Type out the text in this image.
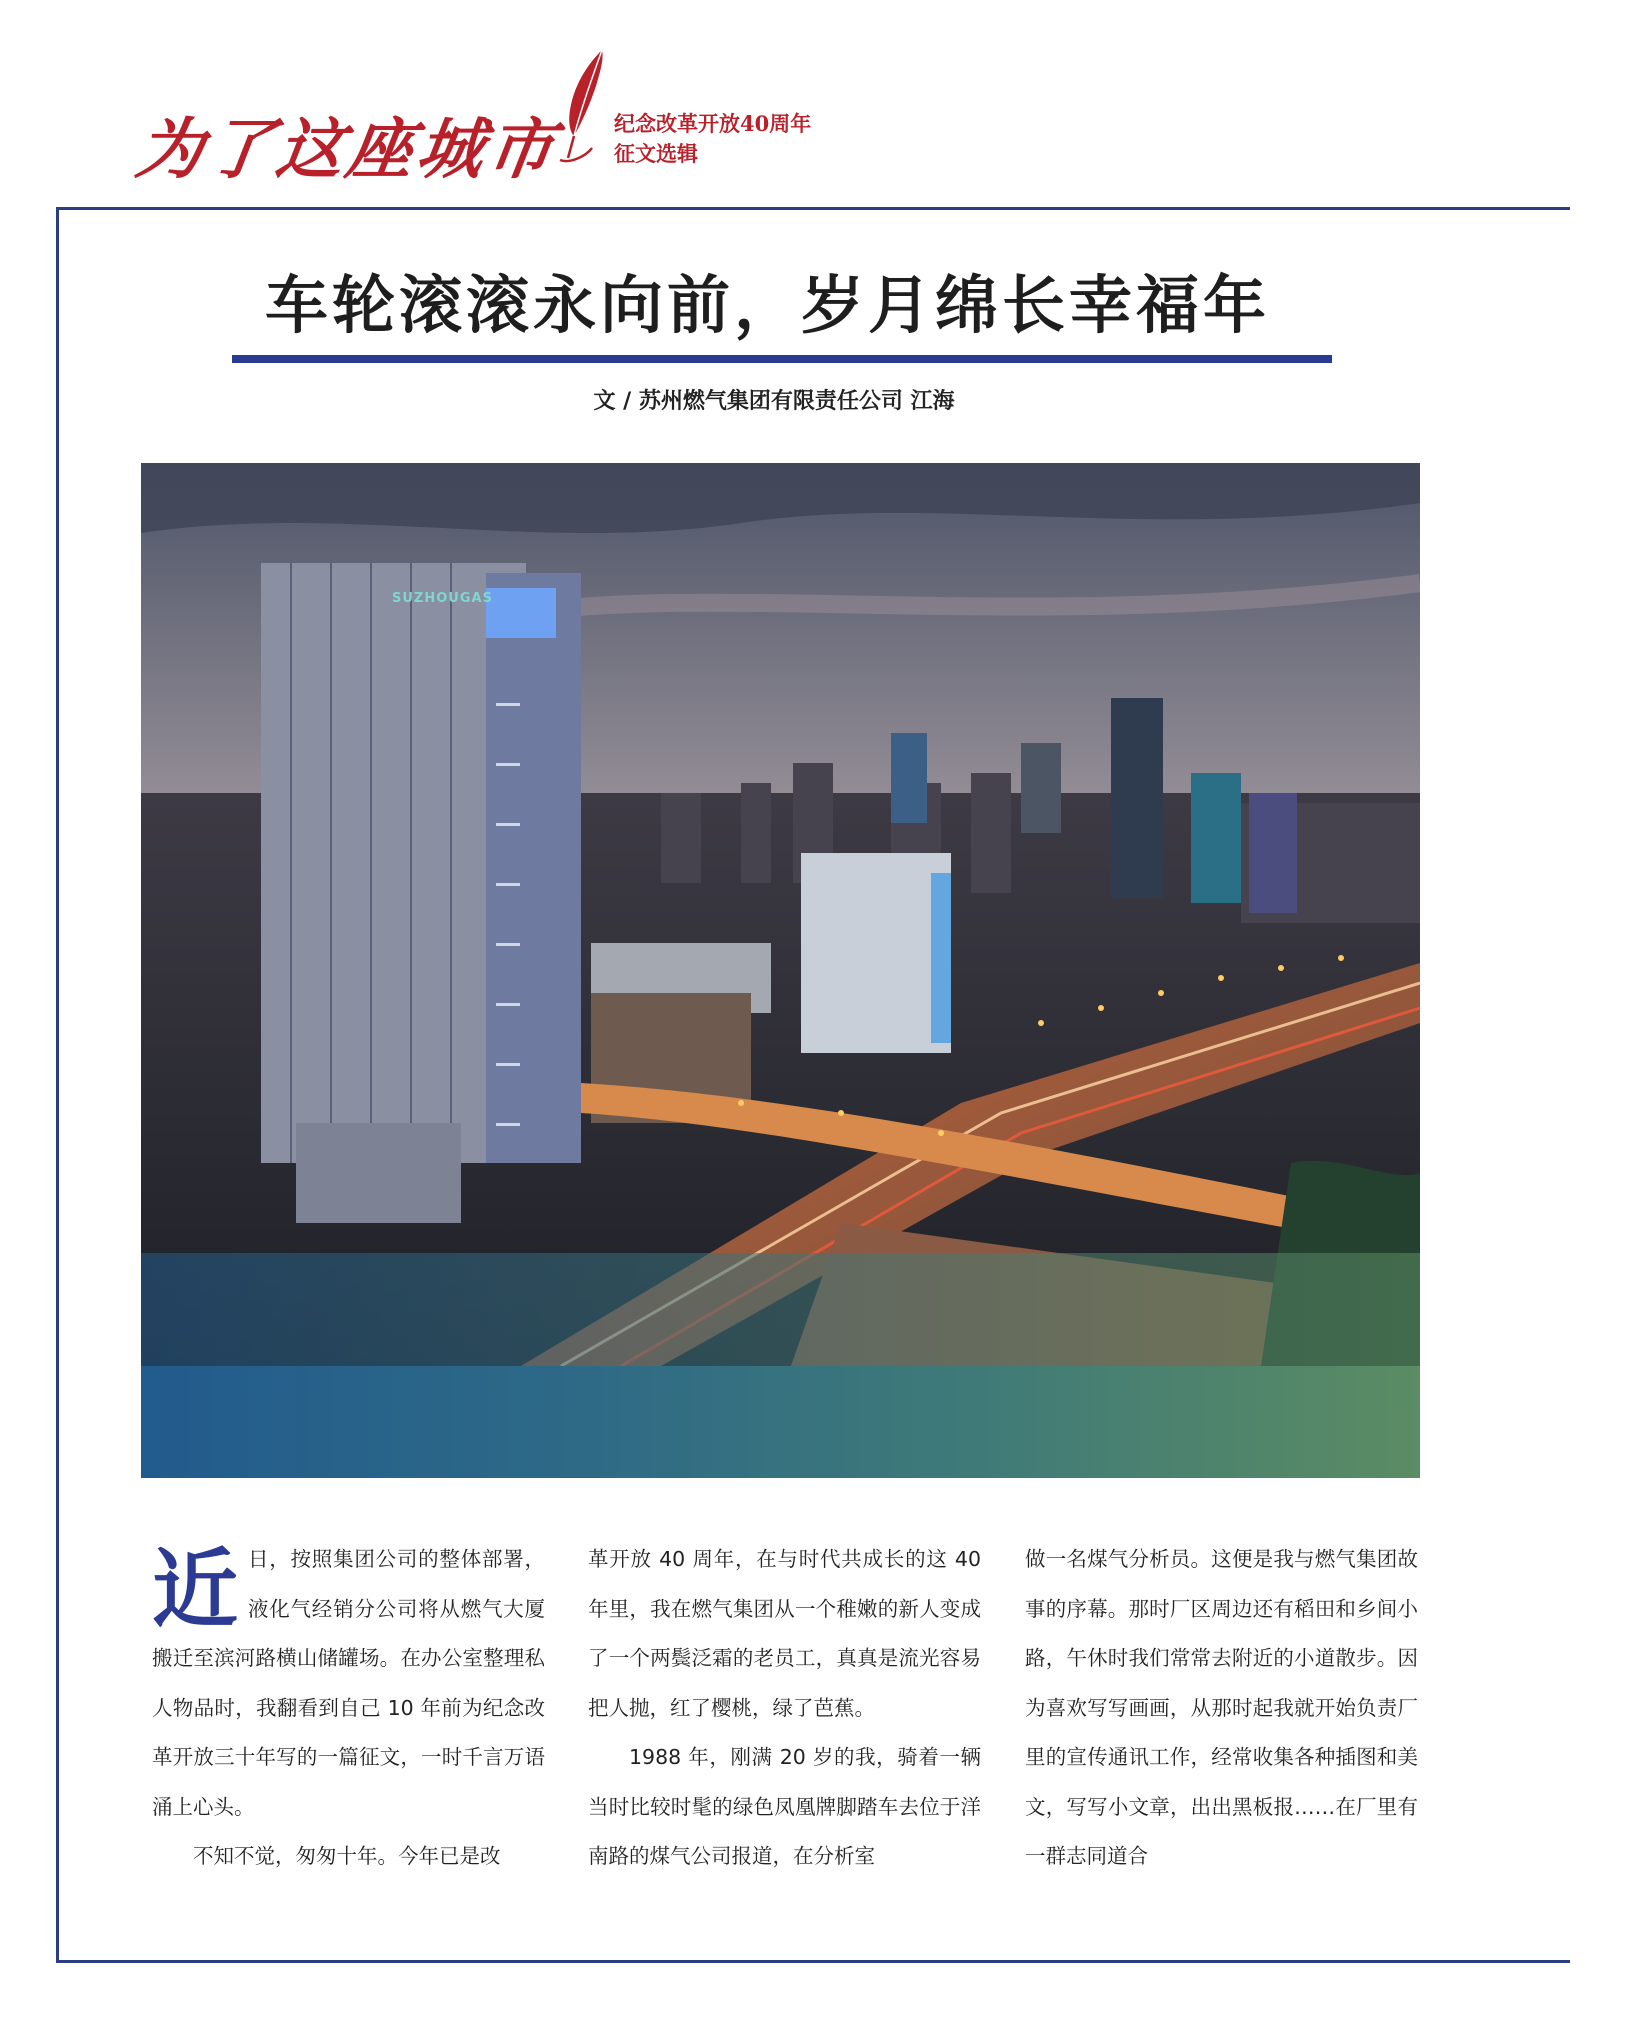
为了这座城市 纪念改革开放40周年
征文选辑
车轮滚滚永向前，岁月绵长幸福年
文 / 苏州燃气集团有限责任公司 江海
SUZHOUGAS

近日，按照集团公司的整体部署，液化气经销分公司将从燃气大厦搬迁至滨河路横山储罐场。在办公室整理私人物品时，我翻看到自己 10 年前为纪念改革开放三十年写的一篇征文，一时千言万语涌上心头。

不知不觉，匆匆十年。今年已是改

革开放 40 周年，在与时代共成长的这 40 年里，我在燃气集团从一个稚嫩的新人变成了一个两鬓泛霜的老员工，真真是流光容易把人抛，红了樱桃，绿了芭蕉。

1988 年，刚满 20 岁的我，骑着一辆当时比较时髦的绿色凤凰牌脚踏车去位于洋南路的煤气公司报道，在分析室

做一名煤气分析员。这便是我与燃气集团故事的序幕。那时厂区周边还有稻田和乡间小路，午休时我们常常去附近的小道散步。因为喜欢写写画画，从那时起我就开始负责厂里的宣传通讯工作，经常收集各种插图和美文，写写小文章，出出黑板报……在厂里有一群志同道合
